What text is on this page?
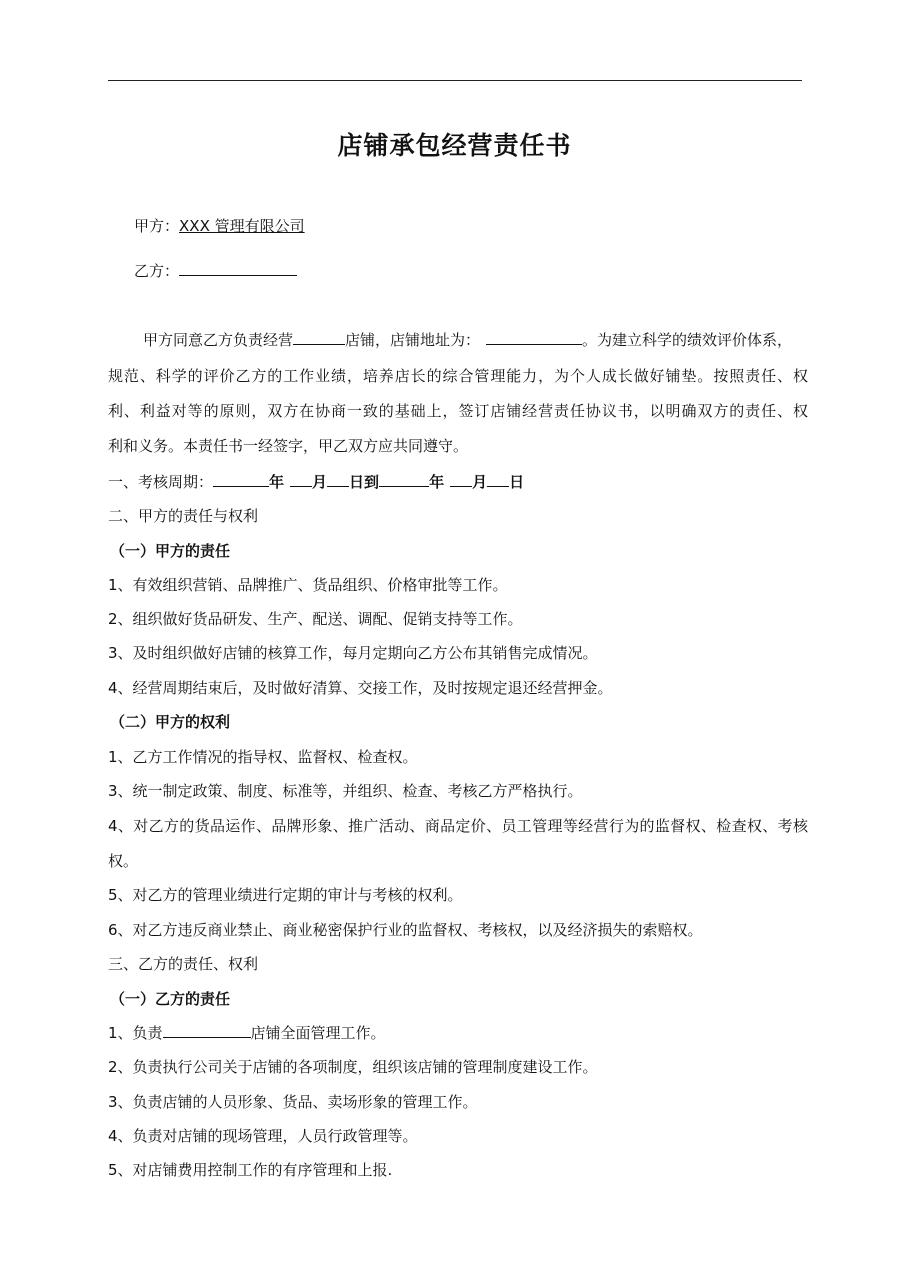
店铺承包经营责任书
甲方：XXX 管理有限公司
乙方：
甲方同意乙方负责经营	店铺，店铺地址为：	。为建立科学的绩效评价体系，
规范、科学的评价乙方的工作业绩，培养店长的综合管理能力，为个人成长做好铺垫。按照责任、权
利、利益对等的原则，双方在协商一致的基础上，签订店铺经营责任协议书，以明确双方的责任、权
利和义务。本责任书一经签字，甲乙双方应共同遵守。
一、考核周期：	年 月 日到	年 月 日
二、甲方的责任与权利
（一）甲方的责任
1、有效组织营销、品牌推广、货品组织、价格审批等工作。
2、组织做好货品研发、生产、配送、调配、促销支持等工作。
3、及时组织做好店铺的核算工作，每月定期向乙方公布其销售完成情况。
4、经营周期结束后，及时做好清算、交接工作，及时按规定退还经营押金。
（二）甲方的权利
1、乙方工作情况的指导权、监督权、检查权。
3、统一制定政策、制度、标准等，并组织、检查、考核乙方严格执行。
4、对乙方的货品运作、品牌形象、推广活动、商品定价、员工管理等经营行为的监督权、检查权、考核
权。
5、对乙方的管理业绩进行定期的审计与考核的权利。
6、对乙方违反商业禁止、商业秘密保护行业的监督权、考核权，以及经济损失的索赔权。
三、乙方的责任、权利
（一）乙方的责任
1、负责	店铺全面管理工作。
2、负责执行公司关于店铺的各项制度，组织该店铺的管理制度建设工作。
3、负责店铺的人员形象、货品、卖场形象的管理工作。
4、负责对店铺的现场管理，人员行政管理等。
5、对店铺费用控制工作的有序管理和上报.
